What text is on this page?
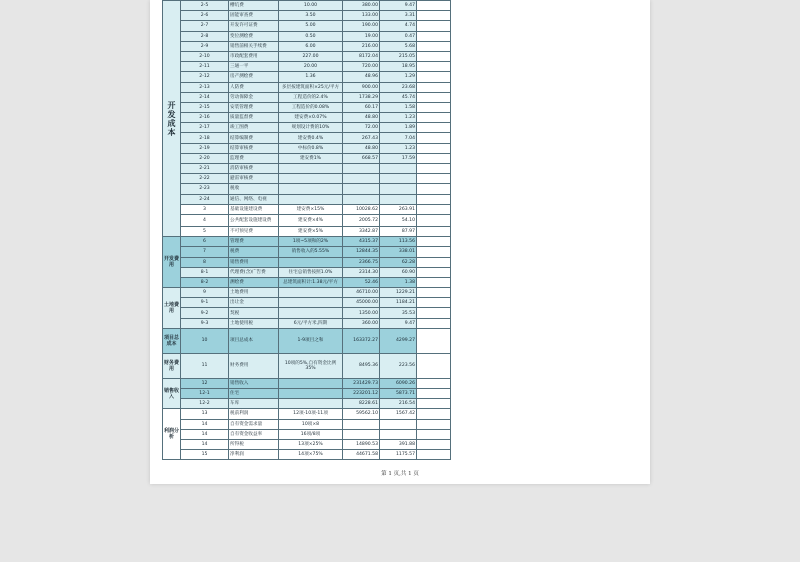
开发成本	2-5	槽坑费	10.00	380.00	9.47	
	2-6	固能审查费	3.50	133.00	3.31	
	2-7	开发许可证费	5.00	190.00	4.74	
	2-8	变位测绘费	0.50	19.00	0.47	
	2-9	销售前相关手续费	6.00	216.00	5.68	
	2-10	市政配套费用	227.00	8172.04	215.05	
	2-11	三通一平	20.00	720.00	18.95	
	2-12	房产测绘费	1.36	48.96	1.29	
	2-13	人防费	多层按建筑面积×25元/平方	900.00	23.68	
	2-14	劳动保障金	工程造价的2.4%	1738.29	45.74	
	2-15	安装管理费	工程造价的0.08%	60.17	1.58	
	2-16	质量监督费	建安费×0.07%	48.80	1.23	
	2-17	竣工图费	规划设计费的10%	72.00	1.89	
	2-18	结算编制费	建安费0.4%	267.43	7.04	
	2-19	结算审核费	中标价0.8%	48.80	1.23	
	2-20	监理费	建安费1%	668.57	17.59	
	2-21	消防审核费				
	2-22	避雷审核费				
	2-23	税收				
	2-24	通信、网络、电视				
	3	基础设施建设费	建安费×15%	10028.62	263.91	
	4	公共配套设施建设费	建安费×4%	2005.72	54.10	
	5	不可预见费	建安费×5%	3342.87	87.97	
开发费用	6	管理费	1项~5项和的2%	4315.37	113.56	
	7	税费	销售收入的5.55%	12844.35	338.01	
	8	销售费用		2366.75	62.28	
	8-1	代理费(含)广告费	住宅总销售按照1.0%	2314.30	60.90	
	8-2	测绘费	总建筑面积计:1.38元/平方	52.46	1.38	
土地费用	9	土地费用		46710.00	1229.21	
	9-1	出让金		45000.00	1184.21	
	9-2	契税		1350.00	35.53	
	9-3	土地使用税	6元/平方米,四期	360.00	9.47	
项目总成本	10	项目总成本	1-9项目之和	163372.27	4299.27	
财务费用	11	财务费用	10项的5%,自有资金比例35%	8495.36	223.56	
销售收入	12	销售收入		231429.73	6090.26	
	12-1	住宅		223201.12	5873.71	
	12-2	车库		8228.61	216.54	
利润分析	13	税前利润	12项-10项-11项	59562.10	1567.42	
	14	自有资金需求量	10项×8			
	14	自有资金收益率	16项/8项			
	14	所得税	13项×25%	14890.53	391.88	
	15	净利润	14项×75%	44671.58	1175.57	
第 1 页,共 1 页
